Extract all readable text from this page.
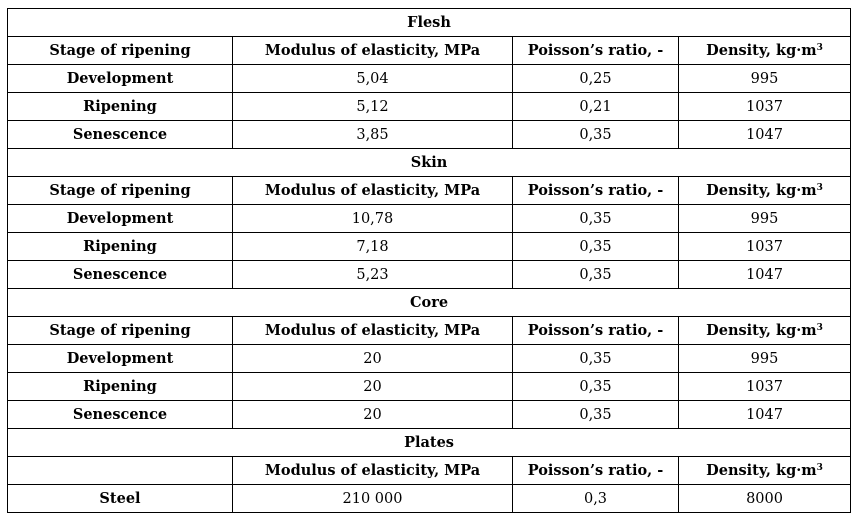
Flesh			
Stage of ripening	Modulus of elasticity, MPa	Poisson’s ratio, -	Density, $kg\cdot m^3$
Development	5,04	0,25	995
Ripening	5,12	0,21	1037
Senescence	3,85	0,35	1047
Skin			
Stage of ripening	Modulus of elasticity, MPa	Poisson’s ratio, -	Density, $kg\cdot m^3$
Development	10,78	0,35	995
Ripening	7,18	0,35	1037
Senescence	5,23	0,35	1047
Core			
Stage of ripening	Modulus of elasticity, MPa	Poisson’s ratio, -	Density, $kg\cdot m^3$
Development	20	0,35	995
Ripening	20	0,35	1037
Senescence	20	0,35	1047
Plates			
	Modulus of elasticity, MPa	Poisson’s ratio, -	Density, $kg\cdot m^3$
Steel	210 000	0,3	8000
